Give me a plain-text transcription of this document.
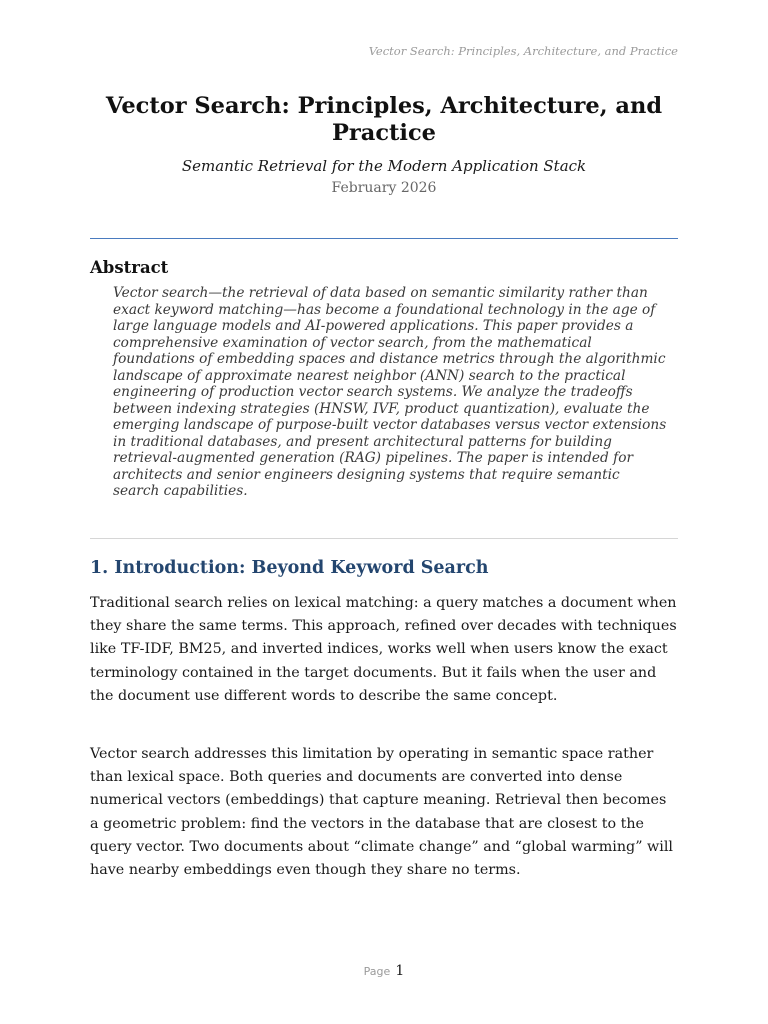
Vector Search: Principles, Architecture, and Practice
Vector Search: Principles, Architecture, and Practice

Semantic Retrieval for the Modern Application Stack

February 2026

Abstract

Vector search—the retrieval of data based on semantic similarity rather than exact keyword matching—has become a foundational technology in the age of large language models and AI-powered applications. This paper provides a comprehensive examination of vector search, from the mathematical foundations of embedding spaces and distance metrics through the algorithmic landscape of approximate nearest neighbor (ANN) search to the practical engineering of production vector search systems. We analyze the tradeoffs between indexing strategies (HNSW, IVF, product quantization), evaluate the emerging landscape of purpose-built vector databases versus vector extensions in traditional databases, and present architectural patterns for building retrieval-augmented generation (RAG) pipelines. The paper is intended for architects and senior engineers designing systems that require semantic search capabilities.

1. Introduction: Beyond Keyword Search

Traditional search relies on lexical matching: a query matches a document when they share the same terms. This approach, refined over decades with techniques like TF-IDF, BM25, and inverted indices, works well when users know the exact terminology contained in the target documents. But it fails when the user and the document use different words to describe the same concept.

Vector search addresses this limitation by operating in semantic space rather than lexical space. Both queries and documents are converted into dense numerical vectors (embeddings) that capture meaning. Retrieval then becomes a geometric problem: find the vectors in the database that are closest to the query vector. Two documents about “climate change” and “global warming” will have nearby embeddings even though they share no terms.

Page 1
